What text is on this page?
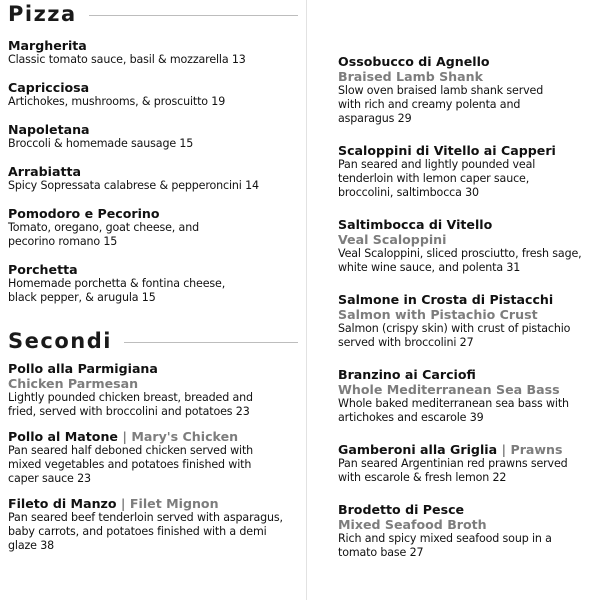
Pizza
Margherita
Classic tomato sauce, basil & mozzarella 13
Capricciosa
Artichokes, mushrooms, & proscuitto 19
Napoletana
Broccoli & homemade sausage 15
Arrabiatta
Spicy Sopressata calabrese & pepperoncini 14
Pomodoro e Pecorino
Tomato, oregano, goat cheese, and pecorino romano 15
Porchetta
Homemade porchetta & fontina cheese, black pepper, & arugula 15
Secondi
Pollo alla Parmigiana
Chicken Parmesan
Lightly pounded chicken breast, breaded and fried, served with broccolini and potatoes 23
Pollo al Matone | Mary's Chicken
Pan seared half deboned chicken served with mixed vegetables and potatoes finished with caper sauce 23
Fileto di Manzo | Filet Mignon
Pan seared beef tenderloin served with asparagus, baby carrots, and potatoes finished with a demi glaze 38
Ossobucco di Agnello
Braised Lamb Shank
Slow oven braised lamb shank served with rich and creamy polenta and asparagus 29
Scaloppini di Vitello ai Capperi
Pan seared and lightly pounded veal tenderloin with lemon caper sauce, broccolini, saltimbocca 30
Saltimbocca di Vitello
Veal Scaloppini
Veal Scaloppini, sliced prosciutto, fresh sage, white wine sauce, and polenta 31
Salmone in Crosta di Pistacchi
Salmon with Pistachio Crust
Salmon (crispy skin) with crust of pistachio served with broccolini 27
Branzino ai Carciofi
Whole Mediterranean Sea Bass
Whole baked mediterranean sea bass with artichokes and escarole 39
Gamberoni alla Griglia | Prawns
Pan seared Argentinian red prawns served with escarole & fresh lemon 22
Brodetto di Pesce
Mixed Seafood Broth
Rich and spicy mixed seafood soup in a tomato base 27
